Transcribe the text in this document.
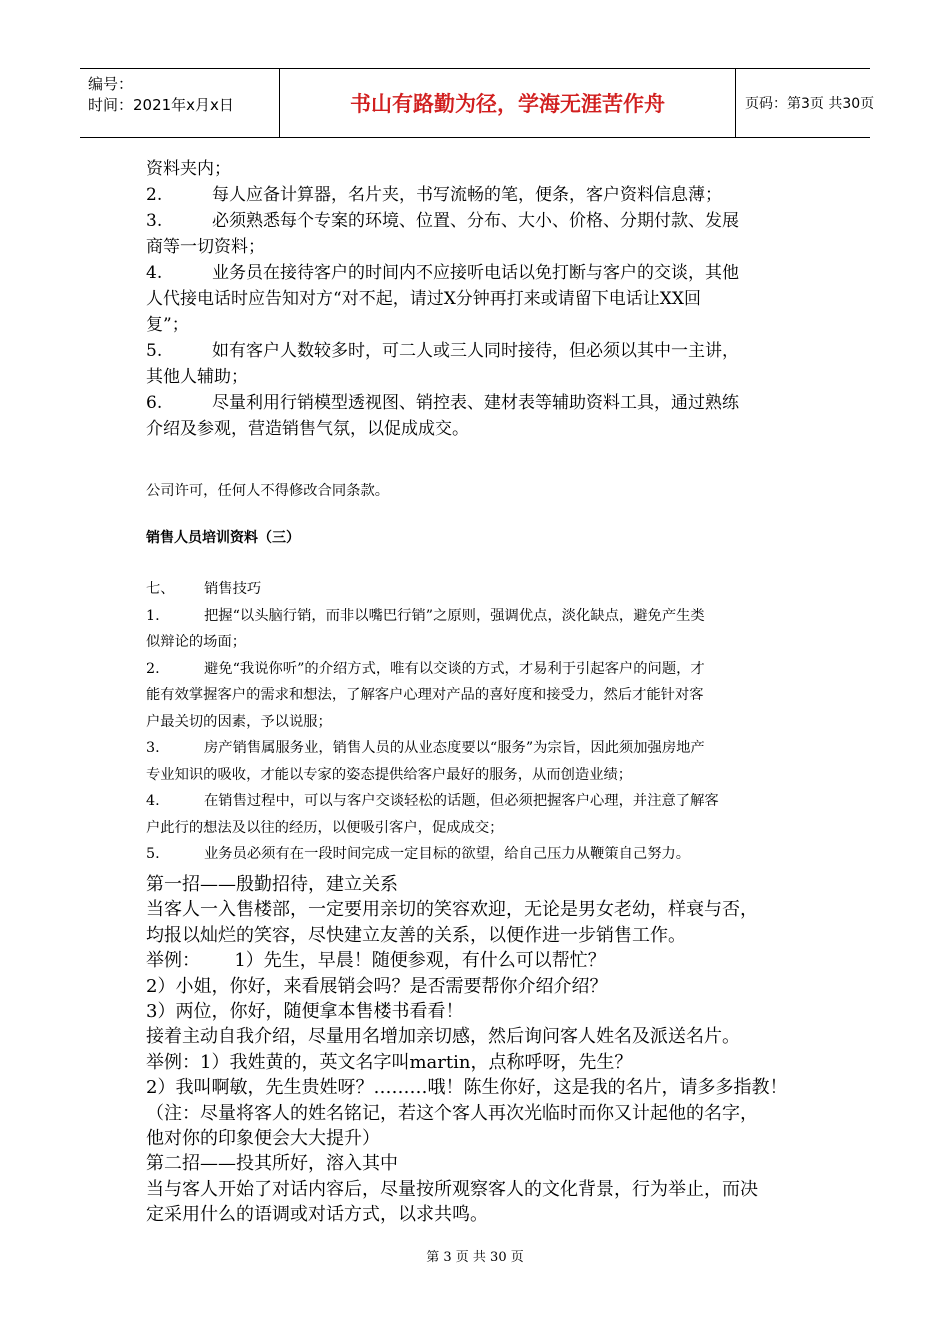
编号：
时间：2021年x月x日	书山有路勤为径，学海无涯苦作舟	页码：第3页 共30页

资料夹内；

2.	每人应备计算器，名片夹，书写流畅的笔，便条，客户资料信息薄；

3.	必须熟悉每个专案的环境、位置、分布、大小、价格、分期付款、发展

商等一切资料；

4.	业务员在接待客户的时间内不应接听电话以免打断与客户的交谈，其他

人代接电话时应告知对方“对不起，请过X分钟再打来或请留下电话让XX回

复”；

5.	如有客户人数较多时，可二人或三人同时接待，但必须以其中一主讲，

其他人辅助；

6.	尽量利用行销模型透视图、销控表、建材表等辅助资料工具，通过熟练

介绍及参观，营造销售气氛，以促成成交。

公司许可，任何人不得修改合同条款。
销售人员培训资料（三）

七、 销售技巧

1.	把握“以头脑行销，而非以嘴巴行销”之原则，强调优点，淡化缺点，避免产生类

似辩论的场面；

2.	避免“我说你听”的介绍方式，唯有以交谈的方式，才易利于引起客户的问题，才

能有效掌握客户的需求和想法，了解客户心理对产品的喜好度和接受力，然后才能针对客

户最关切的因素，予以说服；

3.	房产销售属服务业，销售人员的从业态度要以“服务”为宗旨，因此须加强房地产

专业知识的吸收，才能以专家的姿态提供给客户最好的服务，从而创造业绩；

4.	在销售过程中，可以与客户交谈轻松的话题，但必须把握客户心理，并注意了解客

户此行的想法及以往的经历，以便吸引客户，促成成交；

5.	业务员必须有在一段时间完成一定目标的欲望，给自己压力从鞭策自己努力。

第一招——殷勤招待，建立关系

当客人一入售楼部，一定要用亲切的笑容欢迎，无论是男女老幼，样衰与否，

均报以灿烂的笑容，尽快建立友善的关系，以便作进一步销售工作。

举例：      1）先生，早晨！随便参观，有什么可以帮忙？

2）小姐，你好，来看展销会吗？是否需要帮你介绍介绍？

3）两位，你好，随便拿本售楼书看看！

接着主动自我介绍，尽量用名增加亲切感，然后询问客人姓名及派送名片。

举例：1）我姓黄的，英文名字叫martin，点称呼呀，先生？

2）我叫啊敏，先生贵姓呀？………哦！陈生你好，这是我的名片，请多多指教！

（注：尽量将客人的姓名铭记，若这个客人再次光临时而你又计起他的名字，

他对你的印象便会大大提升）

第二招——投其所好，溶入其中

当与客人开始了对话内容后，尽量按所观察客人的文化背景，行为举止，而决

定采用什么的语调或对话方式，以求共鸣。

第 3 页 共 30 页
